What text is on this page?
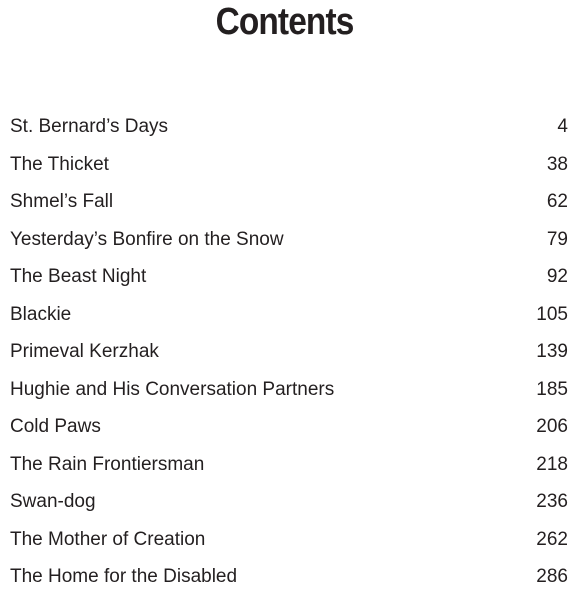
Contents
St. Bernard’s Days	4
The Thicket	38
Shmel’s Fall	62
Yesterday’s Bonfire on the Snow	79
The Beast Night	92
Blackie	105
Primeval Kerzhak	139
Hughie and His Conversation Partners	185
Cold Paws	206
The Rain Frontiersman	218
Swan-dog	236
The Mother of Creation	262
The Home for the Disabled	286
